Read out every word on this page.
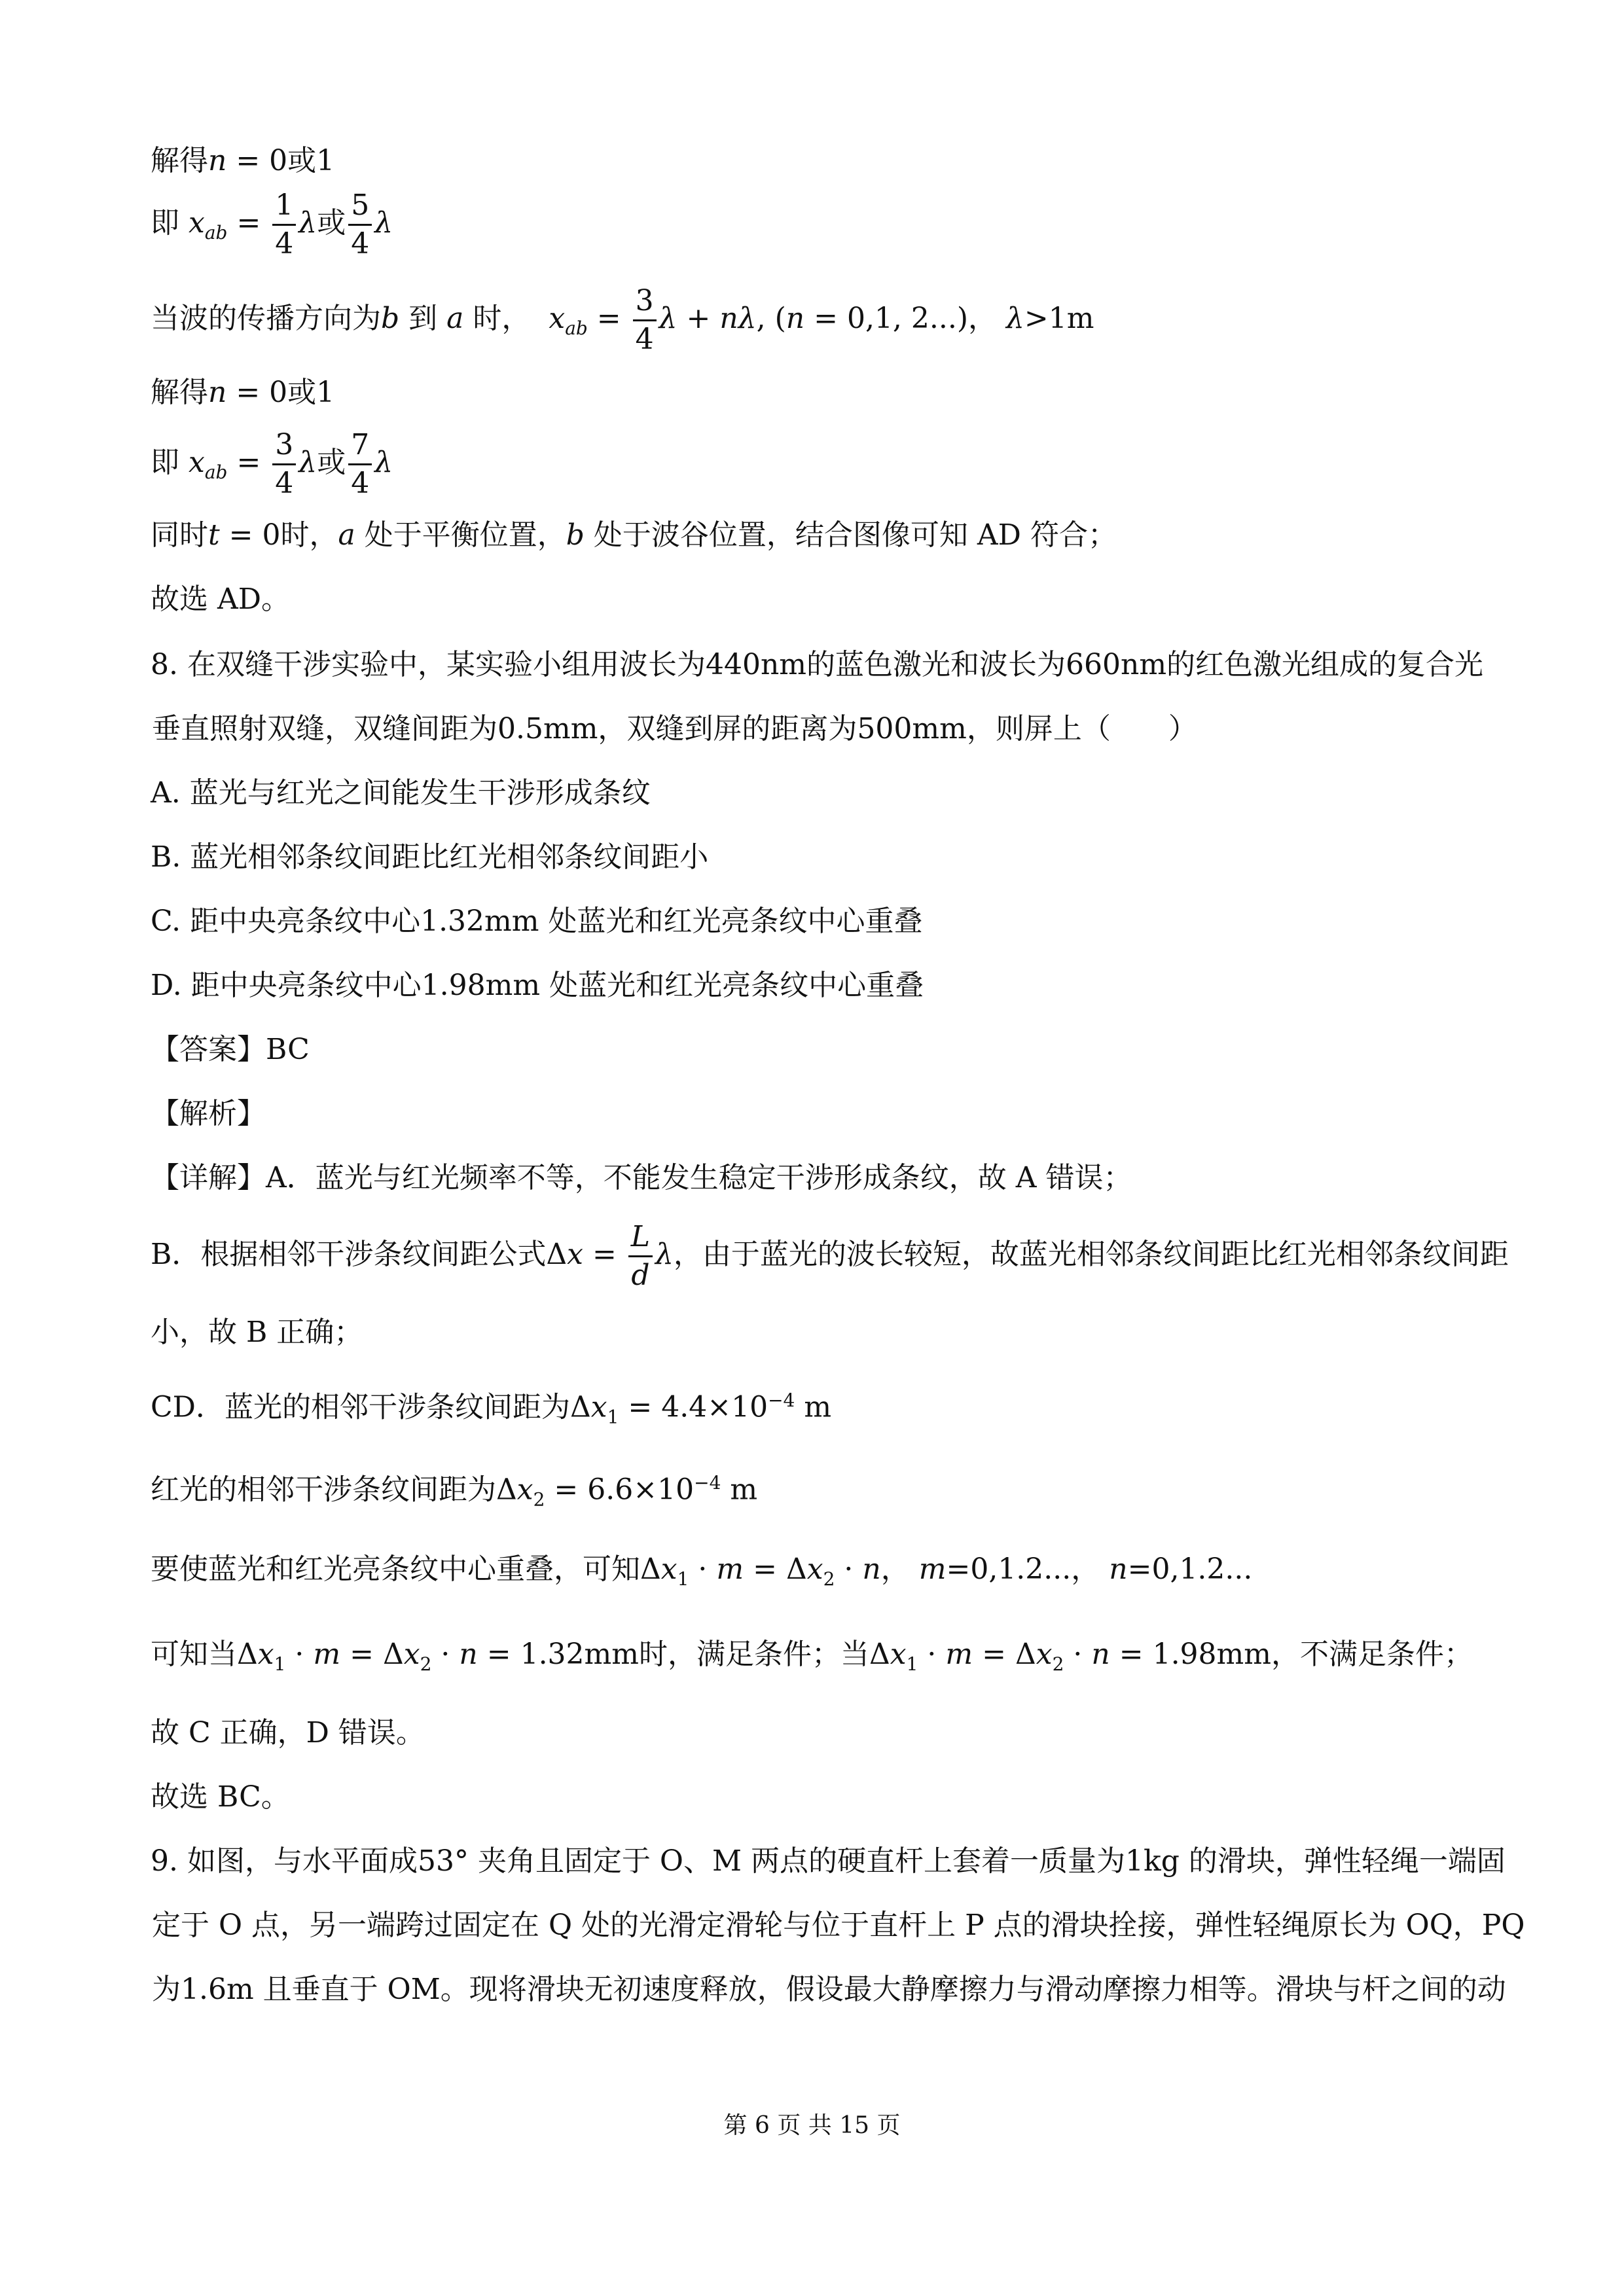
解得n = 0或1
即 $x_{ab} = \frac{1}{4}$ λ或 $\frac{5}{4}$ λ
当波的传播方向为b 到 a 时，  $x_{ab} = \frac{3}{4}$ λ + nλ, (n = 0,1, 2...)， λ>1m
解得n = 0或1
即 $x_{ab} = \frac{3}{4}$ λ或 $\frac{7}{4}$ λ
同时t = 0时，a 处于平衡位置，b 处于波谷位置，结合图像可知 AD 符合；
故选 AD。
8. 在双缝干涉实验中，某实验小组用波长为440nm的蓝色激光和波长为660nm的红色激光组成的复合光
垂直照射双缝，双缝间距为0.5mm，双缝到屏的距离为500mm，则屏上（　　）
A. 蓝光与红光之间能发生干涉形成条纹
B. 蓝光相邻条纹间距比红光相邻条纹间距小
C. 距中央亮条纹中心1.32mm 处蓝光和红光亮条纹中心重叠
D. 距中央亮条纹中心1.98mm 处蓝光和红光亮条纹中心重叠
【答案】BC
【解析】
【详解】A．蓝光与红光频率不等，不能发生稳定干涉形成条纹，故 A 错误；
B．根据相邻干涉条纹间距公式$\Delta x = \frac{L}{d}$ λ，由于蓝光的波长较短，故蓝光相邻条纹间距比红光相邻条纹间距
小，故 B 正确；
CD．蓝光的相邻干涉条纹间距为$\Delta x_1 = 4.4\times 10^{-4}$ m
红光的相邻干涉条纹间距为$\Delta x_2 = 6.6\times 10^{-4}$ m
要使蓝光和红光亮条纹中心重叠，可知$\Delta x_1 \cdot m = \Delta x_2 \cdot n$， m=0,1.2...， n=0,1.2...
可知当$\Delta x_1 \cdot m = \Delta x_2 \cdot n = 1.32mm$时，满足条件；当$\Delta x_1 \cdot m = \Delta x_2 \cdot n = 1.98mm$，不满足条件；
故 C 正确，D 错误。
故选 BC。
9. 如图，与水平面成53° 夹角且固定于 O、M 两点的硬直杆上套着一质量为1kg 的滑块，弹性轻绳一端固
定于 O 点，另一端跨过固定在 Q 处的光滑定滑轮与位于直杆上 P 点的滑块拴接，弹性轻绳原长为 OQ，PQ
为1.6m 且垂直于 OM。现将滑块无初速度释放，假设最大静摩擦力与滑动摩擦力相等。滑块与杆之间的动
第 6 页 共 15 页
